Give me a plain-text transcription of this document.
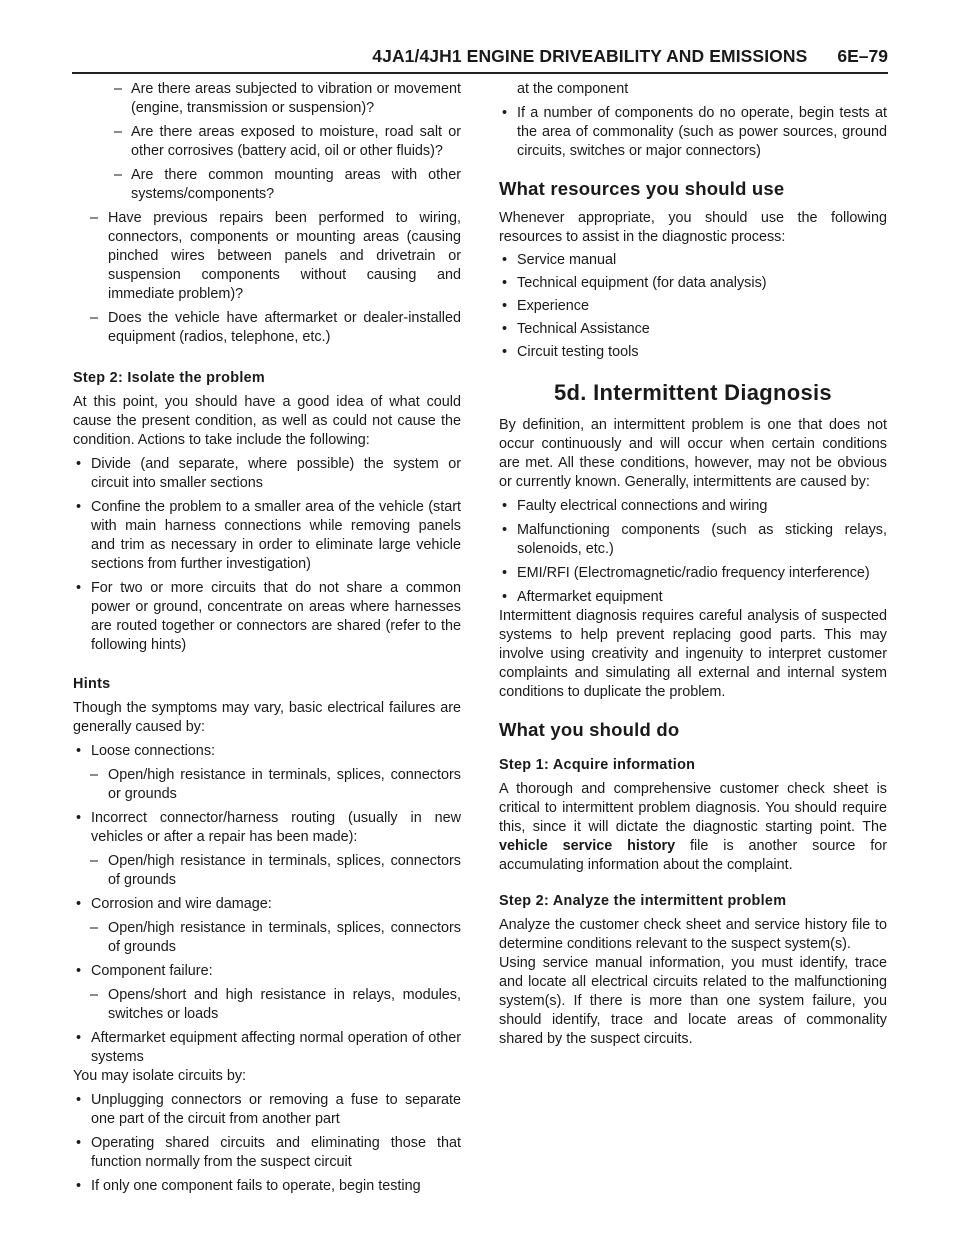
4JA1/4JH1 ENGINE DRIVEABILITY AND EMISSIONS 6E–79

– Are there areas subjected to vibration or movement (engine, transmission or suspension)?

– Are there areas exposed to moisture, road salt or other corrosives (battery acid, oil or other fluids)?

– Are there common mounting areas with other systems/components?

– Have previous repairs been performed to wiring, connectors, components or mounting areas (causing pinched wires between panels and drivetrain or suspension components without causing and immediate problem)?

– Does the vehicle have aftermarket or dealer-installed equipment (radios, telephone, etc.)

Step 2: Isolate the problem

At this point, you should have a good idea of what could cause the present condition, as well as could not cause the condition. Actions to take include the following:

• Divide (and separate, where possible) the system or circuit into smaller sections

• Confine the problem to a smaller area of the vehicle (start with main harness connections while removing panels and trim as necessary in order to eliminate large vehicle sections from further investigation)

• For two or more circuits that do not share a common power or ground, concentrate on areas where harnesses are routed together or connectors are shared (refer to the following hints)

Hints

Though the symptoms may vary, basic electrical failures are generally caused by:

• Loose connections:

– Open/high resistance in terminals, splices, connectors or grounds

• Incorrect connector/harness routing (usually in new vehicles or after a repair has been made):

– Open/high resistance in terminals, splices, connectors of grounds

• Corrosion and wire damage:

– Open/high resistance in terminals, splices, connectors of grounds

• Component failure:

– Opens/short and high resistance in relays, modules, switches or loads

• Aftermarket equipment affecting normal operation of other systems

You may isolate circuits by:

• Unplugging connectors or removing a fuse to separate one part of the circuit from another part

• Operating shared circuits and eliminating those that function normally from the suspect circuit

• If only one component fails to operate, begin testing

at the component

• If a number of components do no operate, begin tests at the area of commonality (such as power sources, ground circuits, switches or major connectors)

What resources you should use

Whenever appropriate, you should use the following resources to assist in the diagnostic process:

• Service manual

• Technical equipment (for data analysis)

• Experience

• Technical Assistance

• Circuit testing tools

5d. Intermittent Diagnosis

By definition, an intermittent problem is one that does not occur continuously and will occur when certain conditions are met. All these conditions, however, may not be obvious or currently known. Generally, intermittents are caused by:

• Faulty electrical connections and wiring

• Malfunctioning components (such as sticking relays, solenoids, etc.)

• EMI/RFI (Electromagnetic/radio frequency interference)

• Aftermarket equipment

Intermittent diagnosis requires careful analysis of suspected systems to help prevent replacing good parts. This may involve using creativity and ingenuity to interpret customer complaints and simulating all external and internal system conditions to duplicate the problem.

What you should do

Step 1: Acquire information

A thorough and comprehensive customer check sheet is critical to intermittent problem diagnosis. You should require this, since it will dictate the diagnostic starting point. The vehicle service history file is another source for accumulating information about the complaint.

Step 2: Analyze the intermittent problem

Analyze the customer check sheet and service history file to determine conditions relevant to the suspect system(s).

Using service manual information, you must identify, trace and locate all electrical circuits related to the malfunctioning system(s). If there is more than one system failure, you should identify, trace and locate areas of commonality shared by the suspect circuits.
